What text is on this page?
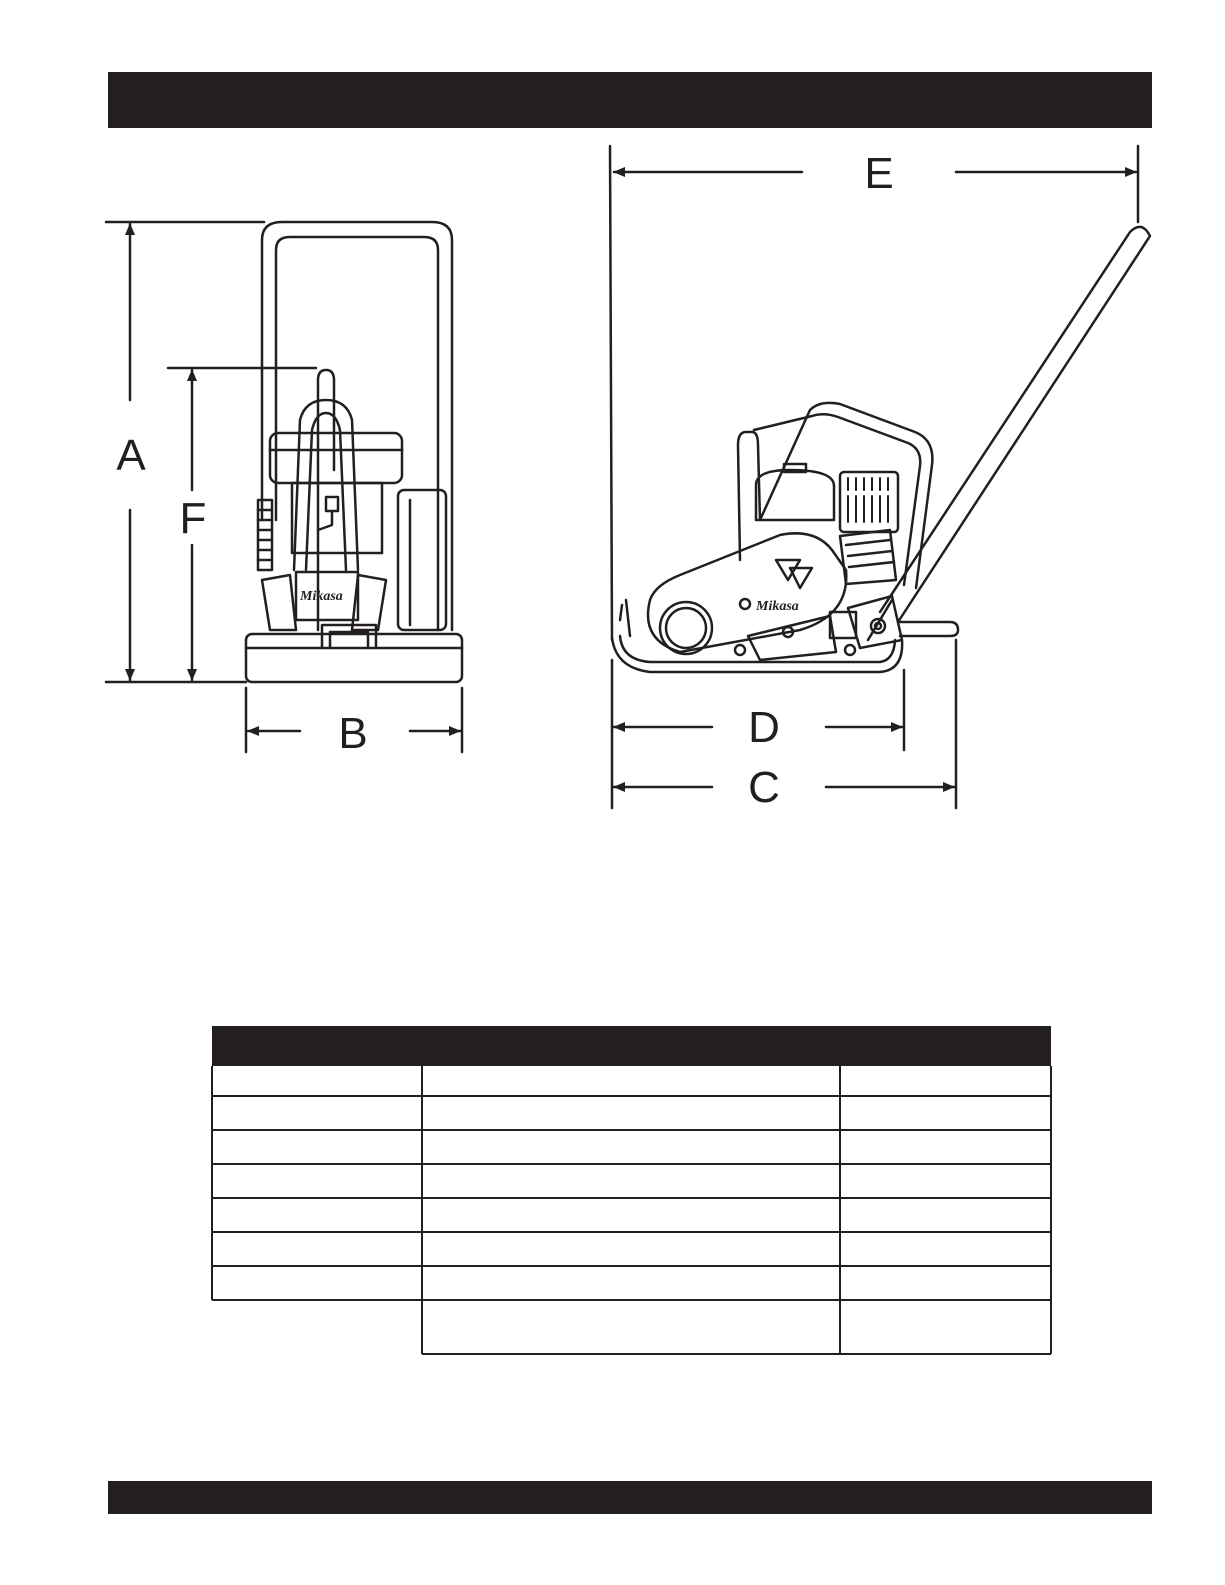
Mikasa
Mikasa
A
F
B
E
D
C
